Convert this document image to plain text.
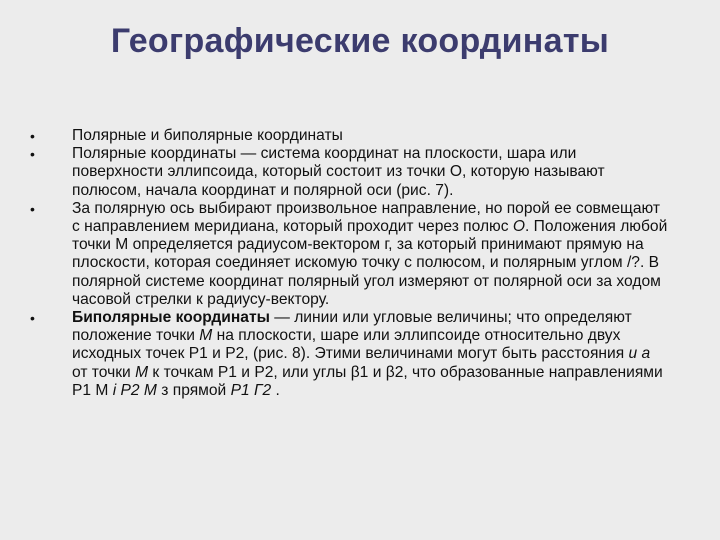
Географические координаты
• Полярные и биполярные координаты
• Полярные координаты — система координат на плоскости, шара или поверхности эллипсоида, который состоит из точки О, которую называют полюсом, начала координат и полярной оси (рис. 7).
• За полярную ось выбирают произвольное направление, но порой ее совмещают с направлением меридиана, который проходит через полюс О. Положения любой точки М определяется радиусом-вектором г, за который принимают прямую на плоскости, которая соединяет искомую точку с полюсом, и полярным углом /?. В полярной системе координат полярный угол измеряют от полярной оси за ходом часовой стрелки к радиусу-вектору.
• Биполярные координаты — линии или угловые величины; что определяют положение точки М на плоскости, шаре или эллипсоиде относительно двух исходных точек Р1 и Р2, (рис. 8). Этими величинами могут быть расстояния и а от точки М к точкам Р1 и Р2, или углы β1 и β2, что образованные направлениями Р1 М і Р2 М з прямой Р1 Г2 .
